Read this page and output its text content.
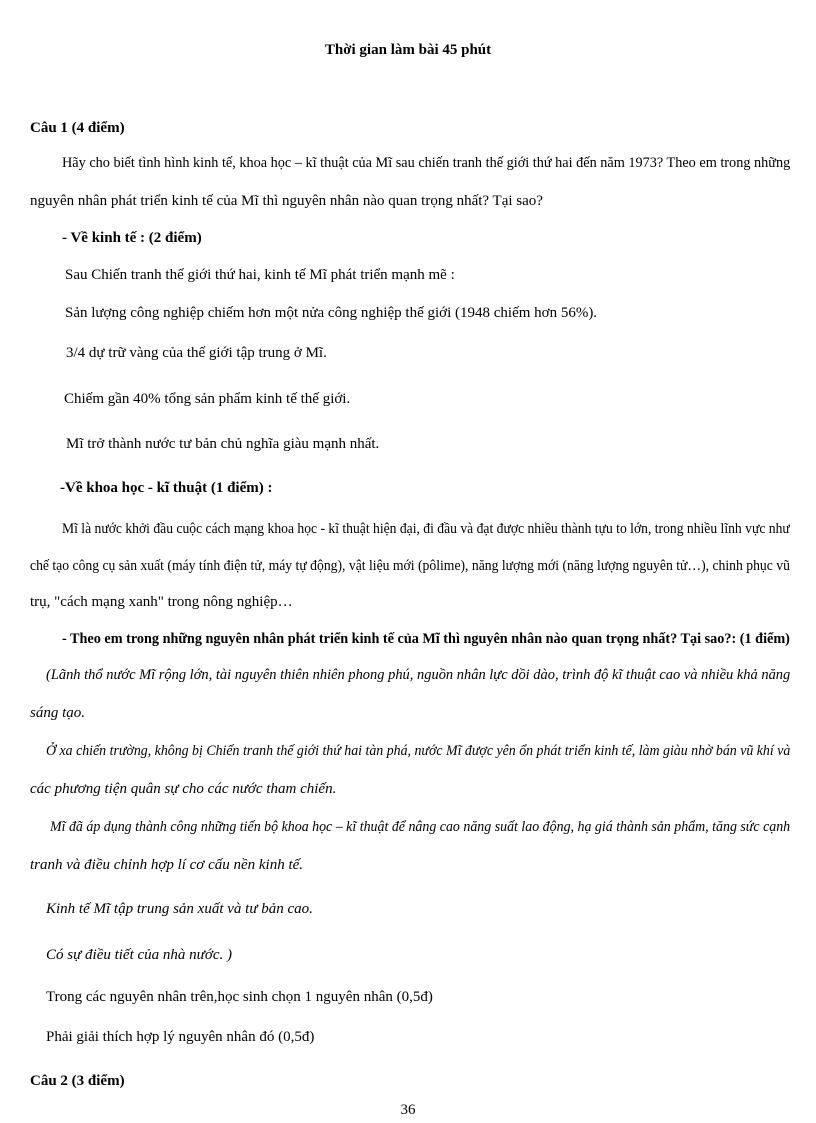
Thời gian làm bài 45 phút
Câu 1 (4 điểm)
Hãy cho biết tình hình kinh tế, khoa học – kĩ thuật của Mĩ sau chiến tranh thế giới thứ hai đến năm 1973? Theo em trong những
nguyên nhân phát triển kinh tế của Mĩ thì nguyên nhân nào quan trọng nhất? Tại sao?
- Về kinh tế : (2 điểm)
Sau Chiến tranh thế giới thứ hai, kinh tế Mĩ phát triển mạnh mẽ :
Sản lượng công nghiệp chiếm hơn một nửa công nghiệp thế giới (1948 chiếm hơn 56%).
3/4 dự trữ vàng của thế giới tập trung ở Mĩ.
Chiếm gần 40% tổng sản phẩm kinh tế thế giới.
Mĩ trở thành nước tư bản chủ nghĩa giàu mạnh nhất.
-Về khoa học - kĩ thuật (1 điểm) :
Mĩ là nước khởi đầu cuộc cách mạng khoa học - kĩ thuật hiện đại, đi đầu và đạt được nhiều thành tựu to lớn, trong nhiều lĩnh vực như
chế tạo công cụ sản xuất (máy tính điện tử, máy tự động), vật liệu mới (pôlime), năng lượng mới (năng lượng nguyên tử…), chinh phục vũ
trụ, "cách mạng xanh" trong nông nghiệp…
- Theo em trong những nguyên nhân phát triển kinh tế của Mĩ thì nguyên nhân nào quan trọng nhất? Tại sao?: (1 điểm)
(Lãnh thổ nước Mĩ rộng lớn, tài nguyên thiên nhiên phong phú, nguồn nhân lực dồi dào, trình độ kĩ thuật cao và nhiều khả năng
sáng tạo.
Ở xa chiến trường, không bị Chiến tranh thế giới thứ hai tàn phá, nước Mĩ được yên ổn phát triển kinh tế, làm giàu nhờ bán vũ khí và
các phương tiện quân sự cho các nước tham chiến.
Mĩ đã áp dụng thành công những tiến bộ khoa học – kĩ thuật để nâng cao năng suất lao động, hạ giá thành sản phẩm, tăng sức cạnh
tranh và điều chỉnh hợp lí cơ cấu nền kinh tế.
Kinh tế Mĩ tập trung sản xuất và tư bản cao.
Có sự điều tiết của nhà nước. )
Trong các nguyên nhân trên,học sinh chọn 1 nguyên nhân (0,5đ)
Phải giải thích hợp lý nguyên nhân đó (0,5đ)
Câu 2 (3 điểm)
36
